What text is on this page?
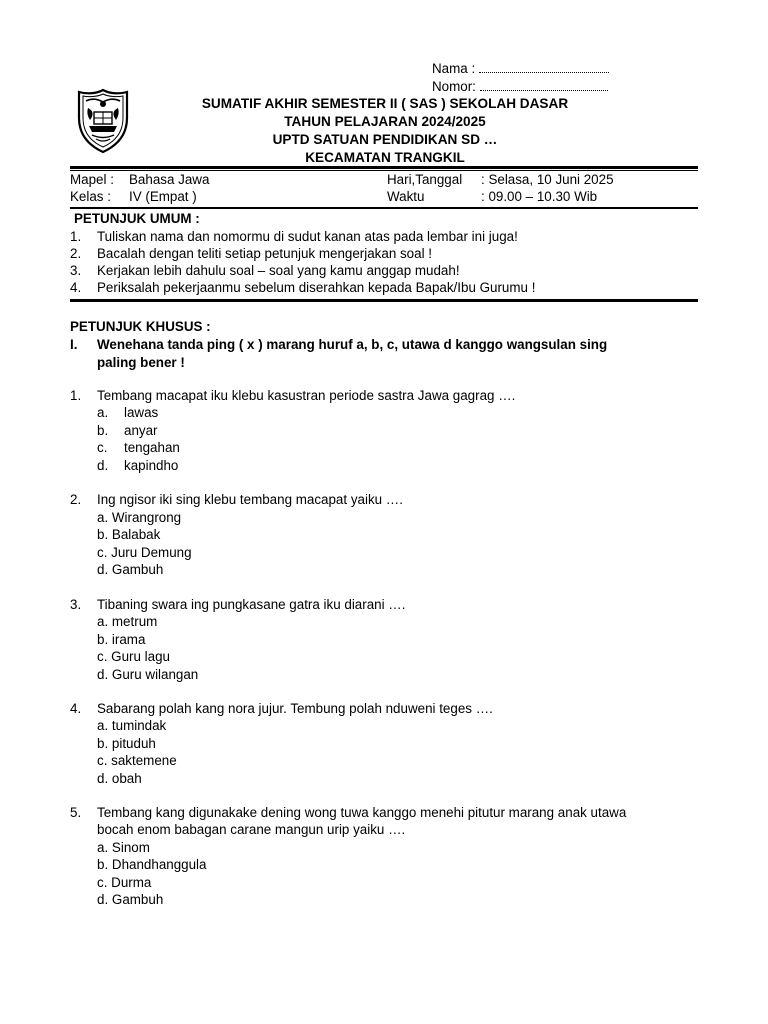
Nama :
Nomor:
SUMATIF AKHIR SEMESTER II ( SAS ) SEKOLAH DASAR
TAHUN PELAJARAN 2024/2025
UPTD SATUAN PENDIDIKAN SD …
KECAMATAN TRANGKIL
Mapel : Bahasa Jawa	Hari,Tanggal : Selasa, 10 Juni 2025
Kelas : IV (Empat )	Waktu	: 09.00 – 10.30 Wib
PETUNJUK UMUM :
1. Tuliskan nama dan nomormu di sudut kanan atas pada lembar ini juga!
2. Bacalah dengan teliti setiap petunjuk mengerjakan soal !
3. Kerjakan lebih dahulu soal – soal yang kamu anggap mudah!
4. Periksalah pekerjaanmu sebelum diserahkan kepada Bapak/Ibu Gurumu !
PETUNJUK KHUSUS :
I. Wenehana tanda ping ( x ) marang huruf a, b, c, utawa d kanggo wangsulan sing
paling bener !
1. Tembang macapat iku klebu kasustran periode sastra Jawa gagrag ….
a. lawas
b. anyar
c. tengahan
d. kapindho
2. Ing ngisor iki sing klebu tembang macapat yaiku ….
a. Wirangrong
b. Balabak
c. Juru Demung
d. Gambuh
3. Tibaning swara ing pungkasane gatra iku diarani ….
a. metrum
b. irama
c. Guru lagu
d. Guru wilangan
4. Sabarang polah kang nora jujur. Tembung polah nduweni teges ….
a. tumindak
b. pituduh
c. saktemene
d. obah
5. Tembang kang digunakake dening wong tuwa kanggo menehi pitutur marang anak utawa
bocah enom babagan carane mangun urip yaiku ….
a. Sinom
b. Dhandhanggula
c. Durma
d. Gambuh
